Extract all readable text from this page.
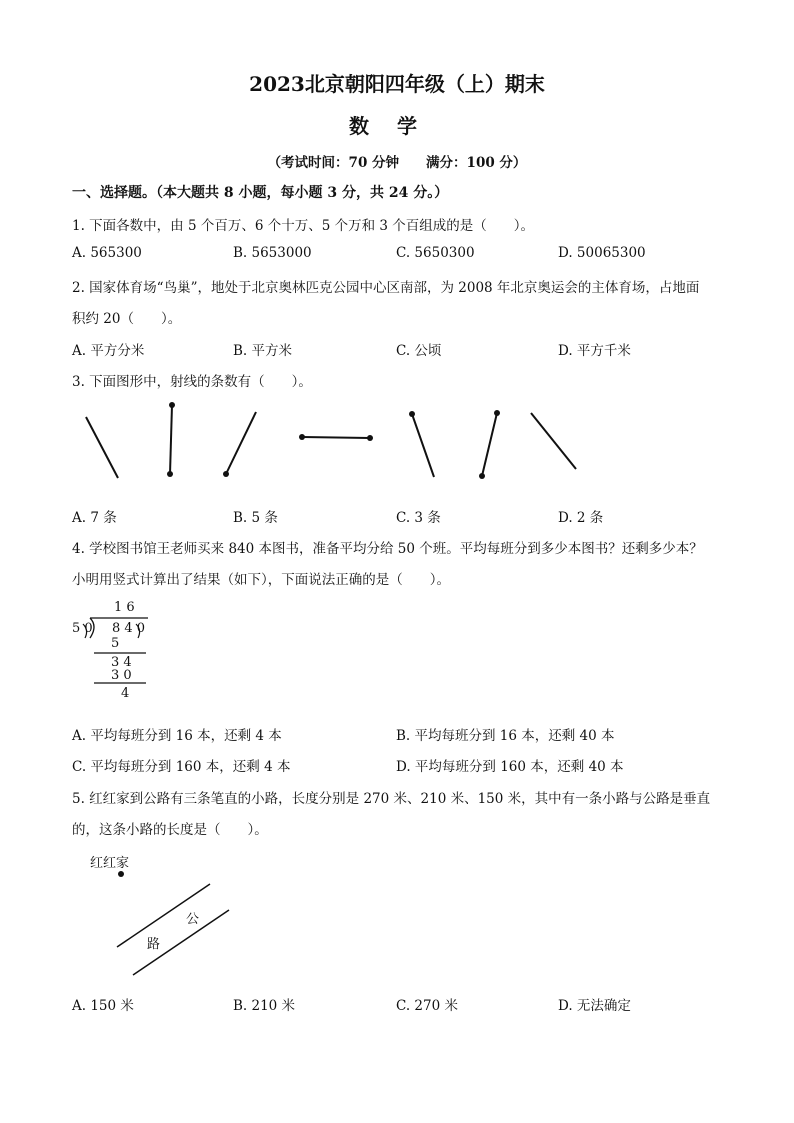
2023北京朝阳四年级（上）期末
数学
（考试时间：70 分钟　　满分：100 分）
一、选择题。（本大题共 8 小题，每小题 3 分，共 24 分。）
1. 下面各数中，由 5 个百万、6 个十万、5 个万和 3 个百组成的是（　　）。
A. 565300	B. 5653000	C. 5650300	D. 50065300
2. 国家体育场“鸟巢”，地处于北京奥林匹克公园中心区南部，为 2008 年北京奥运会的主体育场，占地面
积约 20（　　）。
A. 平方分米	B. 平方米	C. 公顷	D. 平方千米
3. 下面图形中，射线的条数有（　　）。
A. 7 条	B. 5 条	C. 3 条	D. 2 条
4. 学校图书馆王老师买来 840 本图书，准备平均分给 50 个班。平均每班分到多少本图书？还剩多少本？
小明用竖式计算出了结果（如下），下面说法正确的是（　　）。
1 6
5 0 8 4 0
5
3 4
3 0
4
A. 平均每班分到 16 本，还剩 4 本	B. 平均每班分到 16 本，还剩 40 本
C. 平均每班分到 160 本，还剩 4 本	D. 平均每班分到 160 本，还剩 40 本
5. 红红家到公路有三条笔直的小路，长度分别是 270 米、210 米、150 米，其中有一条小路与公路是垂直
的，这条小路的长度是（　　）。
红红家
公
路
A. 150 米	B. 210 米	C. 270 米	D. 无法确定
